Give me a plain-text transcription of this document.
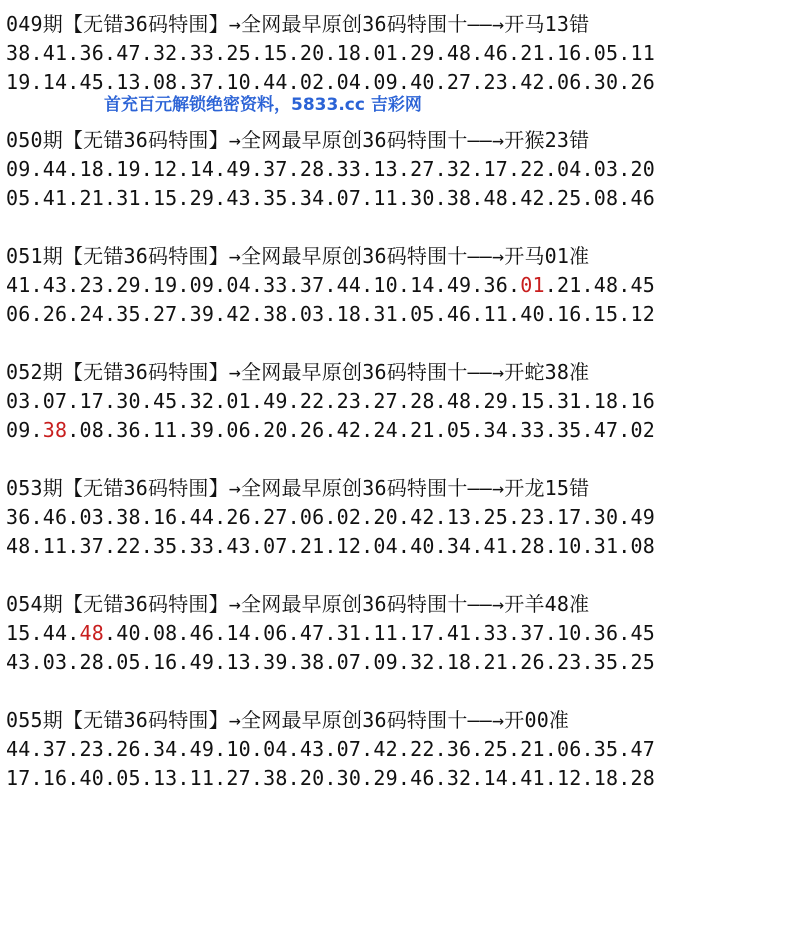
049期【无错36码特围】→全网最早原创36码特围十——→开马13错
38.41.36.47.32.33.25.15.20.18.01.29.48.46.21.16.05.11
19.14.45.13.08.37.10.44.02.04.09.40.27.23.42.06.30.26
050期【无错36码特围】→全网最早原创36码特围十——→开猴23错
09.44.18.19.12.14.49.37.28.33.13.27.32.17.22.04.03.20
05.41.21.31.15.29.43.35.34.07.11.30.38.48.42.25.08.46
051期【无错36码特围】→全网最早原创36码特围十——→开马01准
41.43.23.29.19.09.04.33.37.44.10.14.49.36.01.21.48.45
06.26.24.35.27.39.42.38.03.18.31.05.46.11.40.16.15.12
052期【无错36码特围】→全网最早原创36码特围十——→开蛇38准
03.07.17.30.45.32.01.49.22.23.27.28.48.29.15.31.18.16
09.38.08.36.11.39.06.20.26.42.24.21.05.34.33.35.47.02
053期【无错36码特围】→全网最早原创36码特围十——→开龙15错
36.46.03.38.16.44.26.27.06.02.20.42.13.25.23.17.30.49
48.11.37.22.35.33.43.07.21.12.04.40.34.41.28.10.31.08
054期【无错36码特围】→全网最早原创36码特围十——→开羊48准
15.44.48.40.08.46.14.06.47.31.11.17.41.33.37.10.36.45
43.03.28.05.16.49.13.39.38.07.09.32.18.21.26.23.35.25
055期【无错36码特围】→全网最早原创36码特围十——→开00准
44.37.23.26.34.49.10.04.43.07.42.22.36.25.21.06.35.47
17.16.40.05.13.11.27.38.20.30.29.46.32.14.41.12.18.28
首充百元解锁绝密资料，5833.cc 吉彩网
